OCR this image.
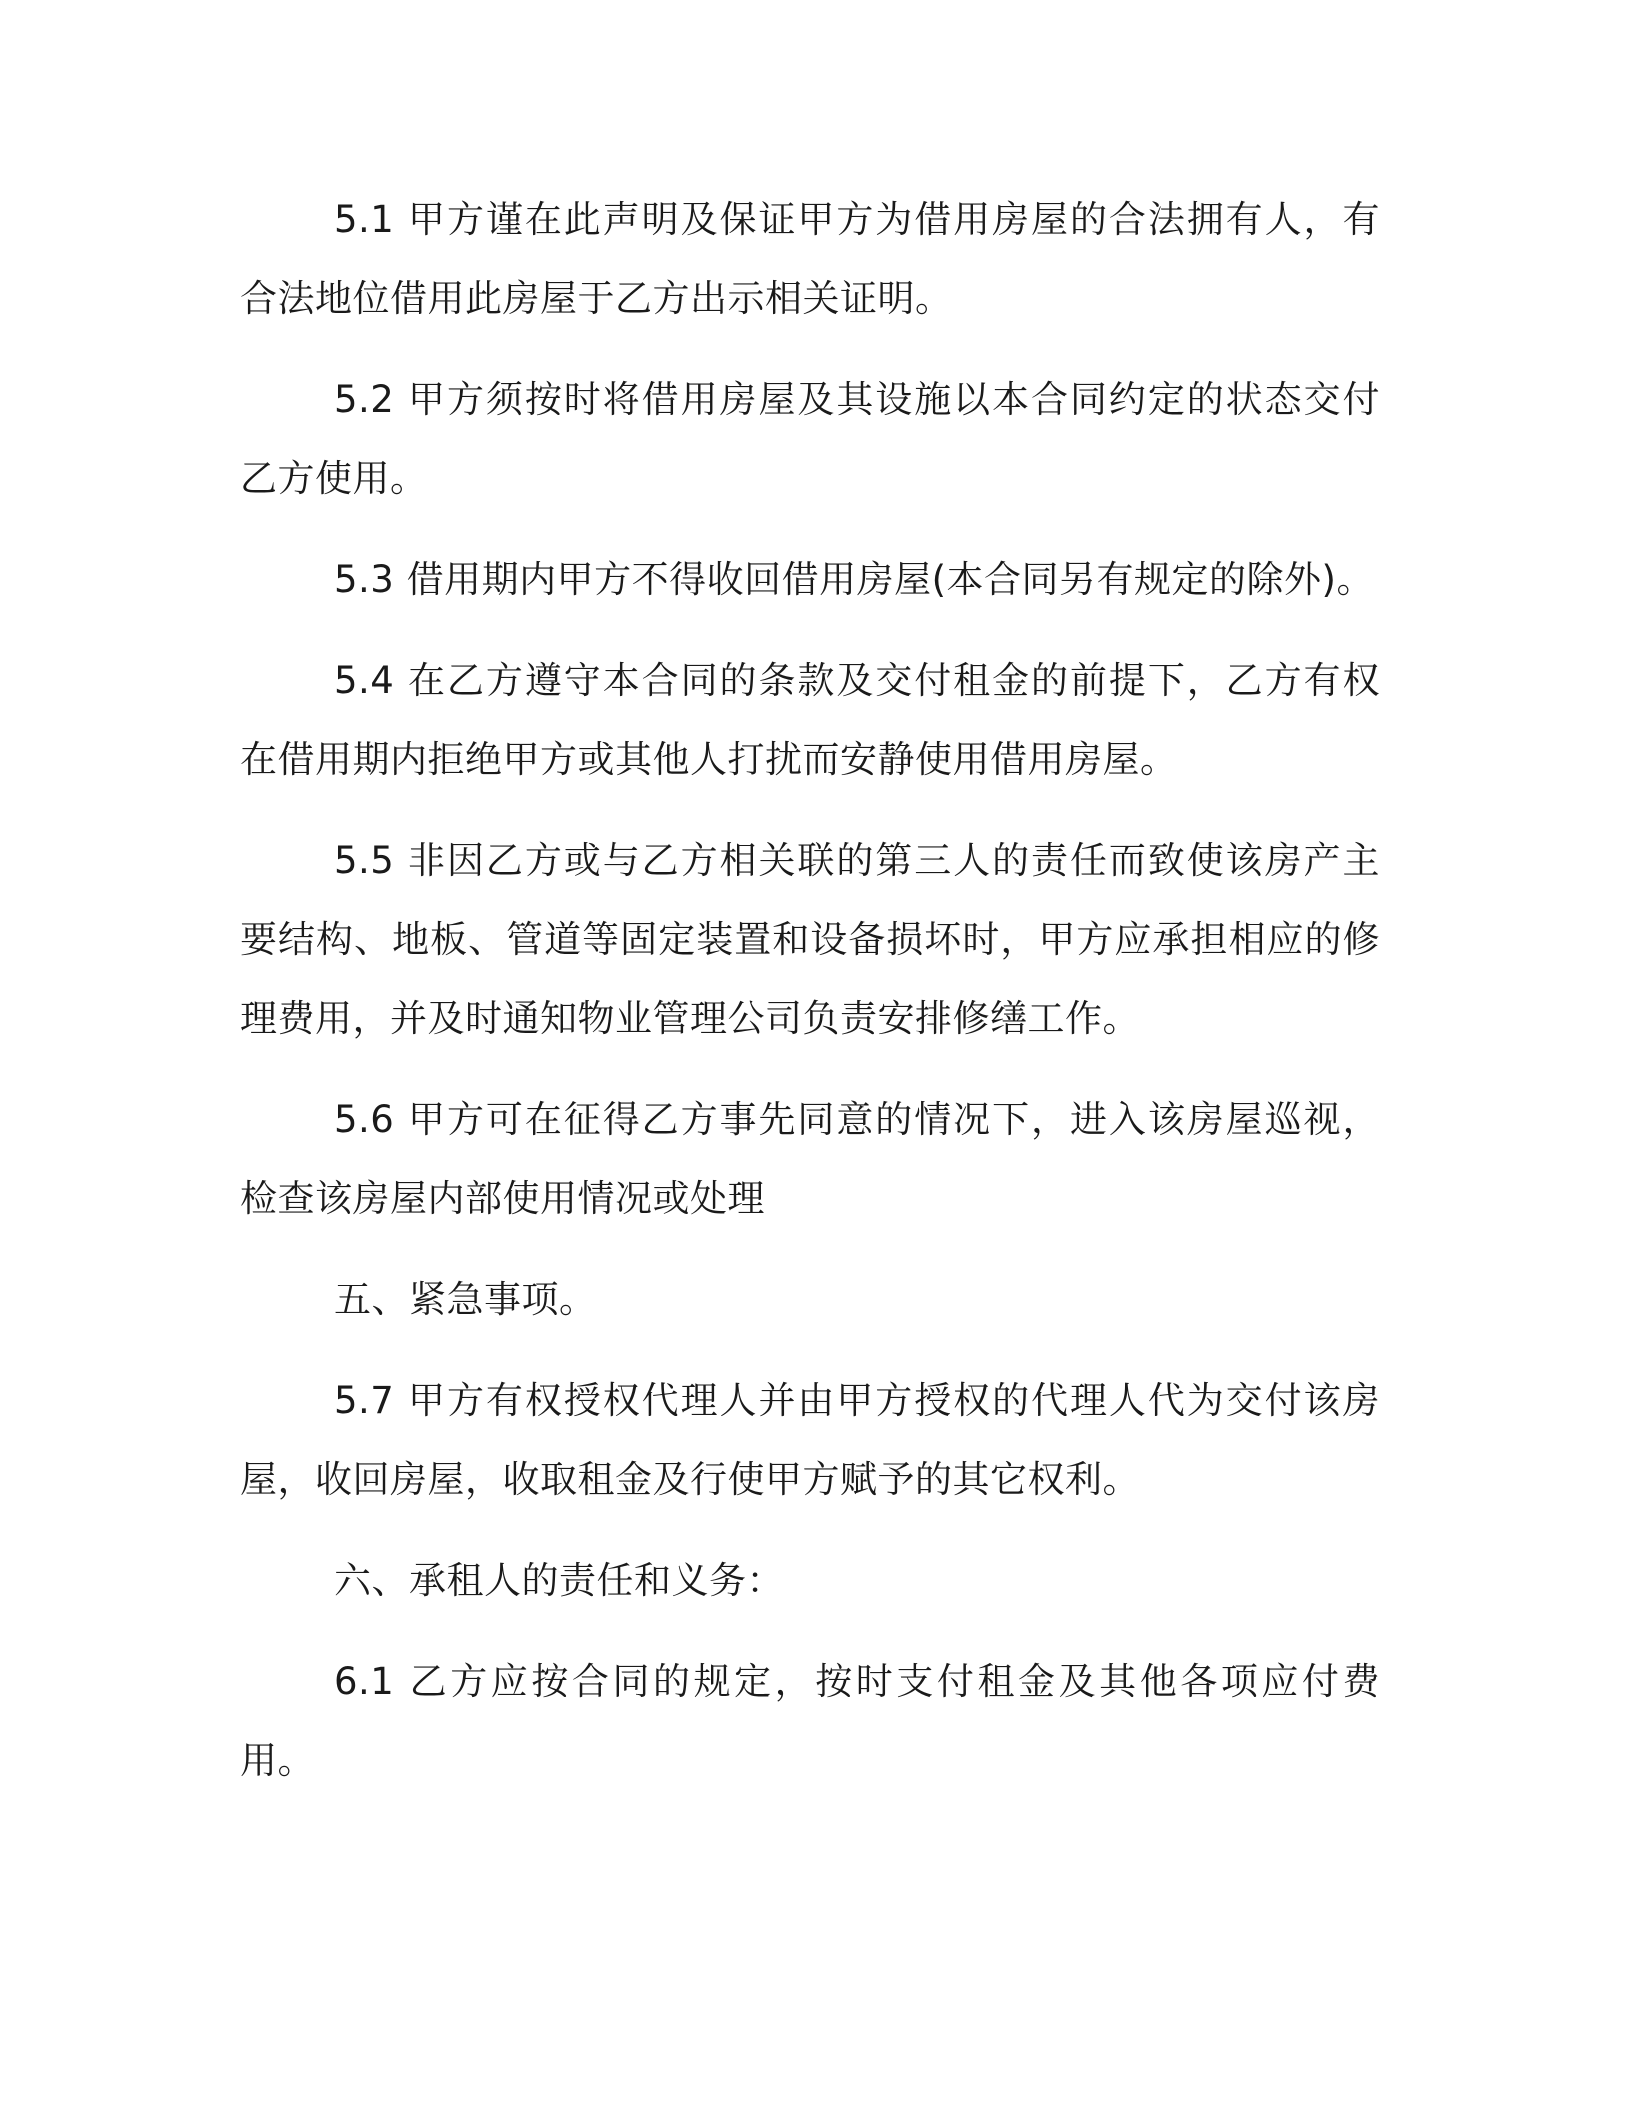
5.1 甲方谨在此声明及保证甲方为借用房屋的合法拥有人，有合法地位借用此房屋于乙方出示相关证明。

5.2 甲方须按时将借用房屋及其设施以本合同约定的状态交付乙方使用。

5.3 借用期内甲方不得收回借用房屋(本合同另有规定的除外)。

5.4 在乙方遵守本合同的条款及交付租金的前提下，乙方有权在借用期内拒绝甲方或其他人打扰而安静使用借用房屋。

5.5 非因乙方或与乙方相关联的第三人的责任而致使该房产主要结构、地板、管道等固定装置和设备损坏时，甲方应承担相应的修理费用，并及时通知物业管理公司负责安排修缮工作。

5.6 甲方可在征得乙方事先同意的情况下，进入该房屋巡视，检查该房屋内部使用情况或处理

五、紧急事项。

5.7 甲方有权授权代理人并由甲方授权的代理人代为交付该房屋，收回房屋，收取租金及行使甲方赋予的其它权利。

六、承租人的责任和义务：

6.1 乙方应按合同的规定，按时支付租金及其他各项应付费用。
